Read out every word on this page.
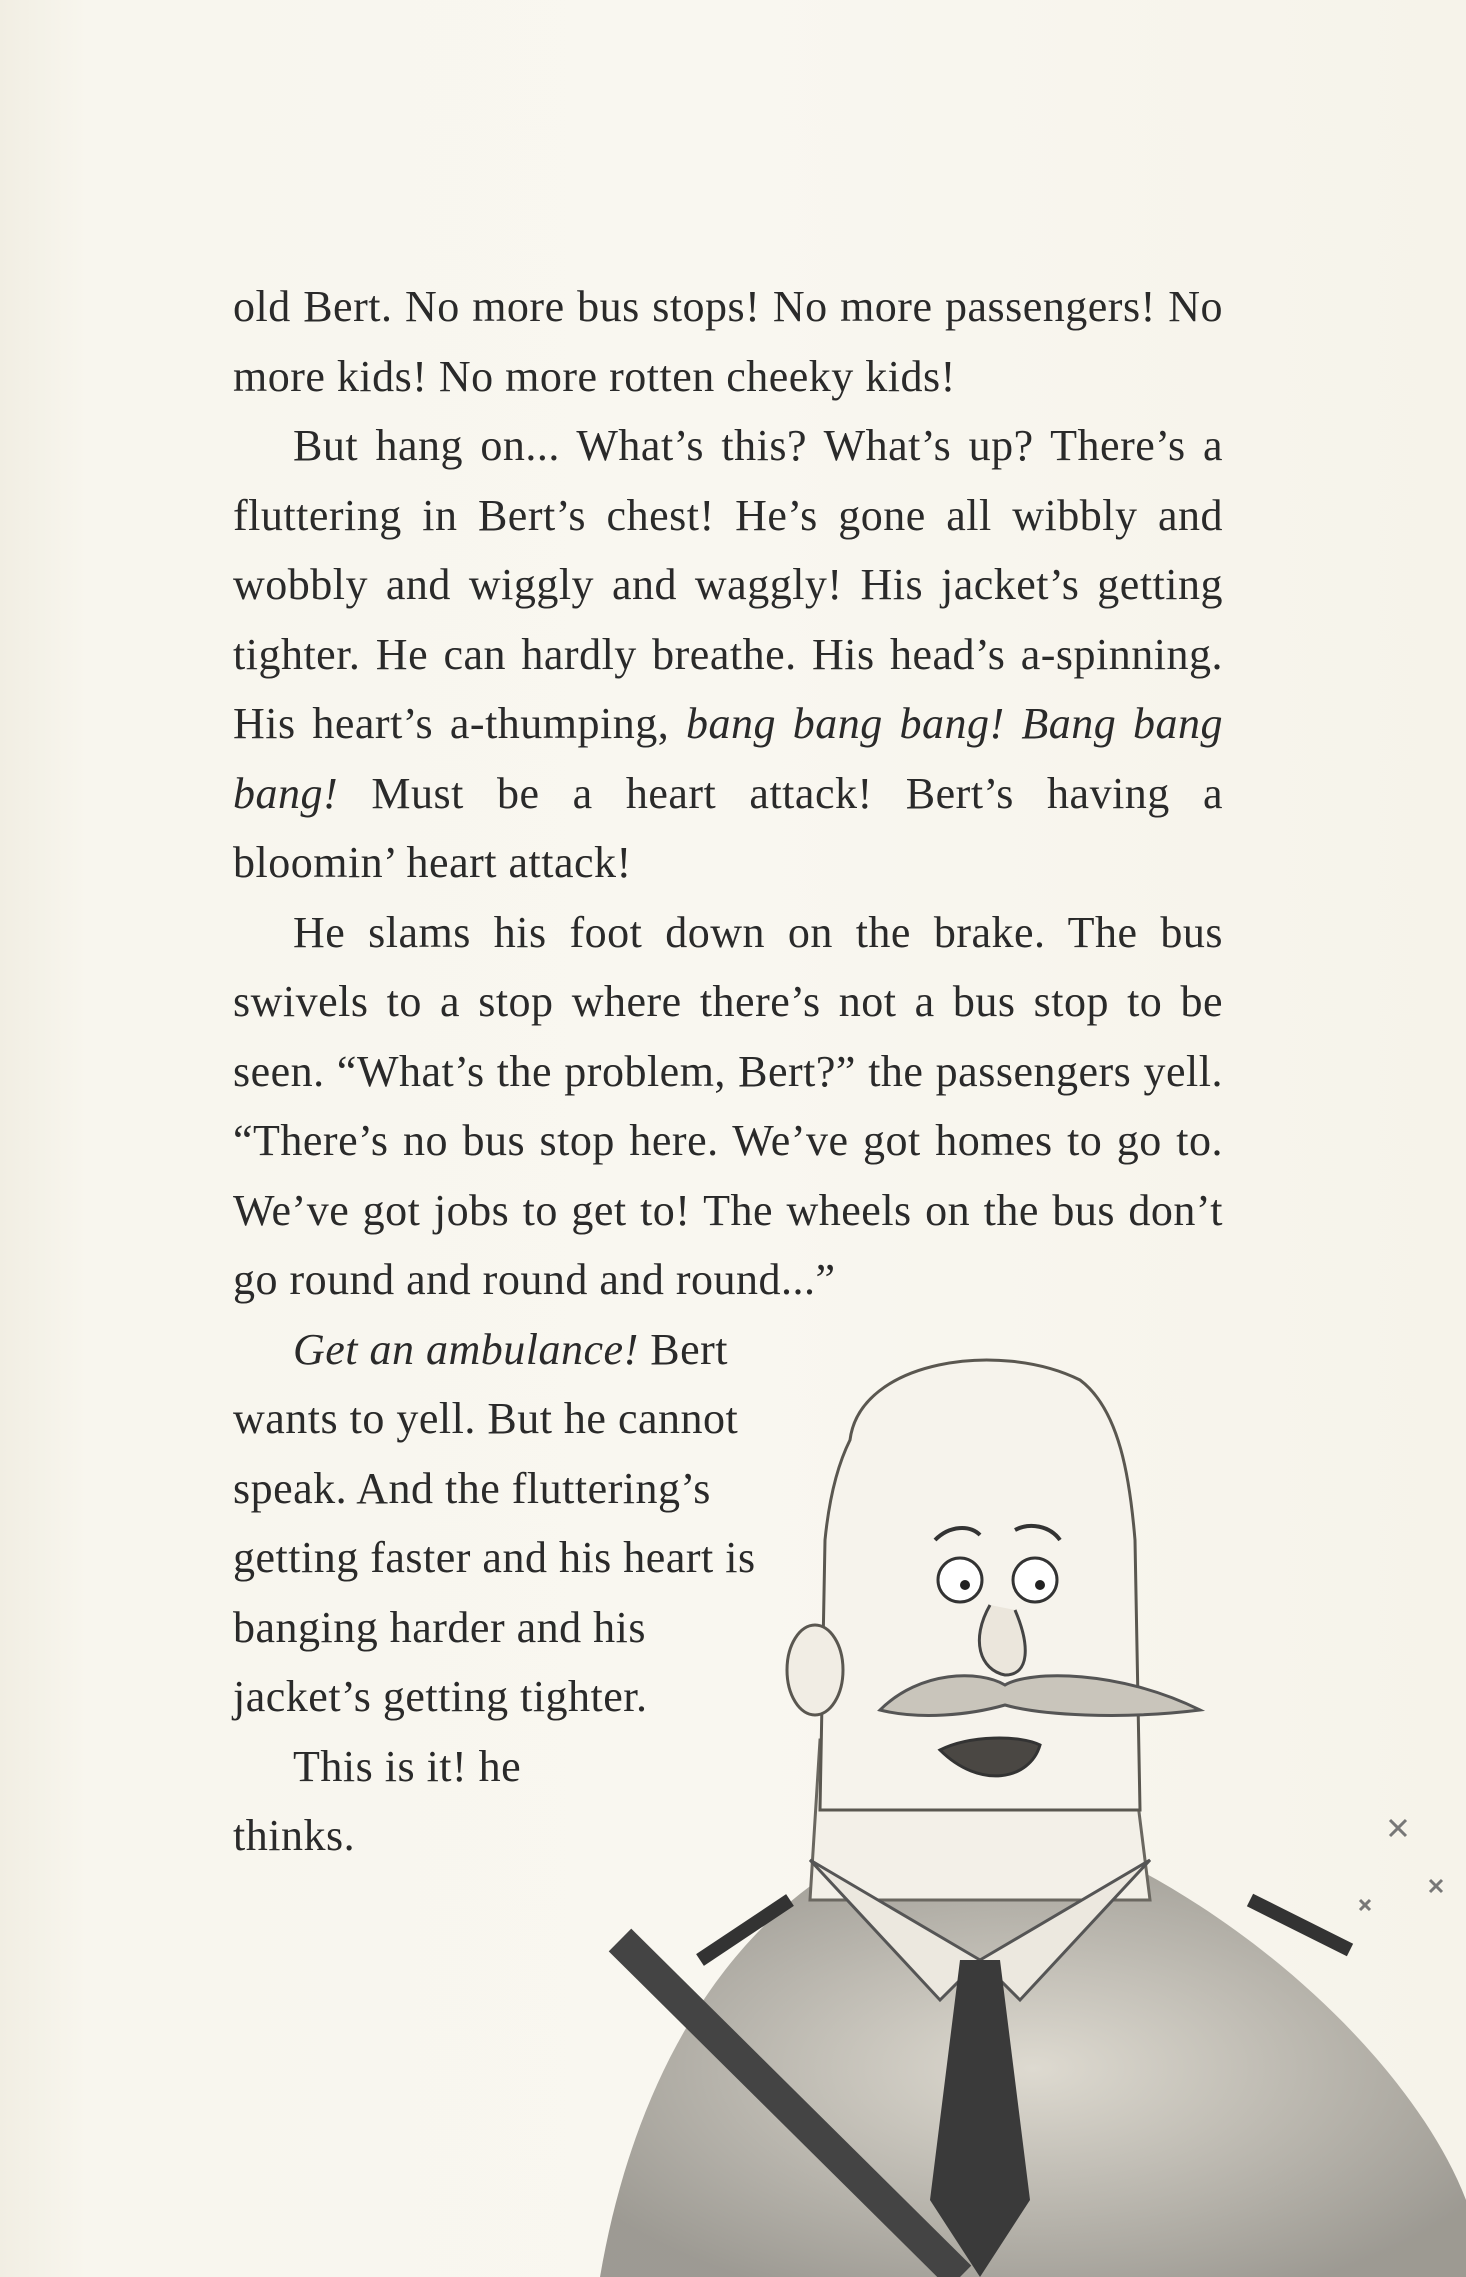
old Bert. No more bus stops! No more passengers! No more kids! No more rotten cheeky kids!

But hang on... What’s this? What’s up? There’s a fluttering in Bert’s chest! He’s gone all wibbly and wobbly and wiggly and waggly! His jacket’s getting tighter. He can hardly breathe. His head’s a-spinning. His heart’s a-thumping, bang bang bang! Bang bang bang! Must be a heart attack! Bert’s having a bloomin’ heart attack!

He slams his foot down on the brake. The bus swivels to a stop where there’s not a bus stop to be seen. “What’s the problem, Bert?” the passengers yell. “There’s no bus stop here. We’ve got homes to go to. We’ve got jobs to get to! The wheels on the bus don’t go round and round and round...”

Get an ambulance! Bert wants to yell. But he cannot speak. And the fluttering’s getting faster and his heart is banging harder and his jacket’s getting tighter.

This is it! he thinks.
